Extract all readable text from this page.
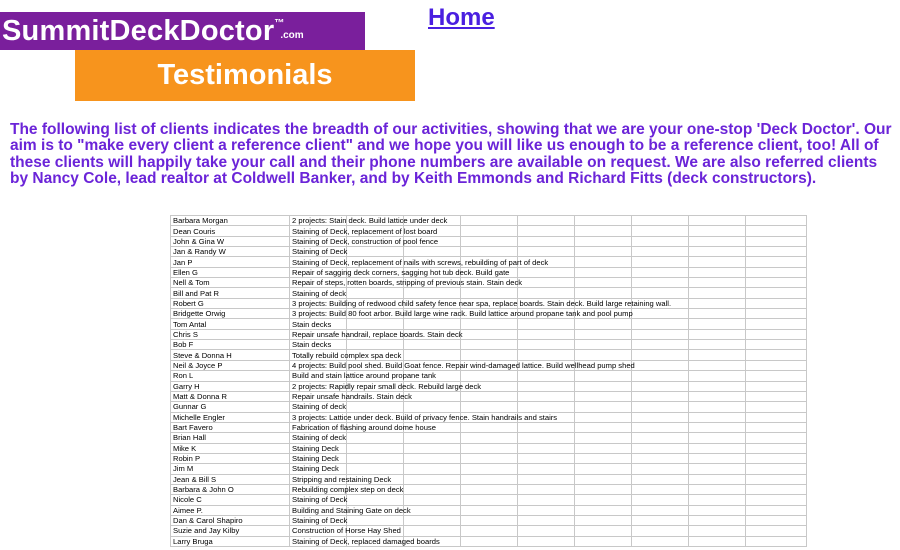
SummitDeckDoctor™.com
Testimonials
Home

The following list of clients indicates the breadth of our activities, showing that we are your one-stop 'Deck Doctor'. Our aim is to "make every client a reference client" and we hope you will like us enough to be a reference client, too! All of these clients will happily take your call and their phone numbers are available on request. We are also referred clients by Nancy Cole, lead realtor at Coldwell Banker, and by Keith Emmonds and Richard Fitts (deck constructors).

Barbara Morgan	2 projects: Stain deck. Build lattice under deck								
Dean Couris	Staining of Deck, replacement of lost board								
John & Gina W	Staining of Deck, construction of pool fence								
Jan & Randy W	Staining of Deck								
Jan P	Staining of Deck, replacement of nails with screws, rebuilding of part of deck								
Ellen G	Repair of sagging deck corners, sagging hot tub deck. Build gate								
Nell & Tom	Repair of steps, rotten boards, stripping of previous stain. Stain deck								
Bill and Pat R	Staining of deck								
Robert G	3 projects: Building of redwood child safety fence near spa, replace boards. Stain deck. Build large retaining wall.								
Bridgette Orwig	3 projects: Build 80 foot arbor. Build large wine rack. Build lattice around propane tank and pool pump								
Tom Antal	Stain decks								
Chris S	Repair unsafe handrail, replace boards. Stain deck								
Bob F	Stain decks								
Steve & Donna H	Totally rebuild complex spa deck								
Neil & Joyce P	4 projects: Build pool shed. Build Goat fence. Repair wind-damaged lattice. Build wellhead pump shed								
Ron L	Build and stain lattice around propane tank								
Garry H	2 projects: Rapidly repair small deck. Rebuild large deck								
Matt & Donna R	Repair unsafe handrails. Stain deck								
Gunnar G	Staining of deck								
Michelle Engler	3 projects: Lattice under deck. Build of privacy fence. Stain handrails and stairs								
Bart Favero	Fabrication of flashing around dome house								
Brian Hall	Staining of deck								
Mike K	Staining Deck								
Robin P	Staining Deck								
Jim M	Staining Deck								
Jean & Bill S	Stripping and restaining Deck								
Barbara & John O	Rebuilding complex step on deck								
Nicole C	Staining of Deck								
Aimee P.	Building and Staining Gate on deck								
Dan & Carol Shapiro	Staining of Deck								
Suzie and Jay Kilby	Construction of Horse Hay Shed								
Larry Bruga	Staining of Deck, replaced damaged boards								
